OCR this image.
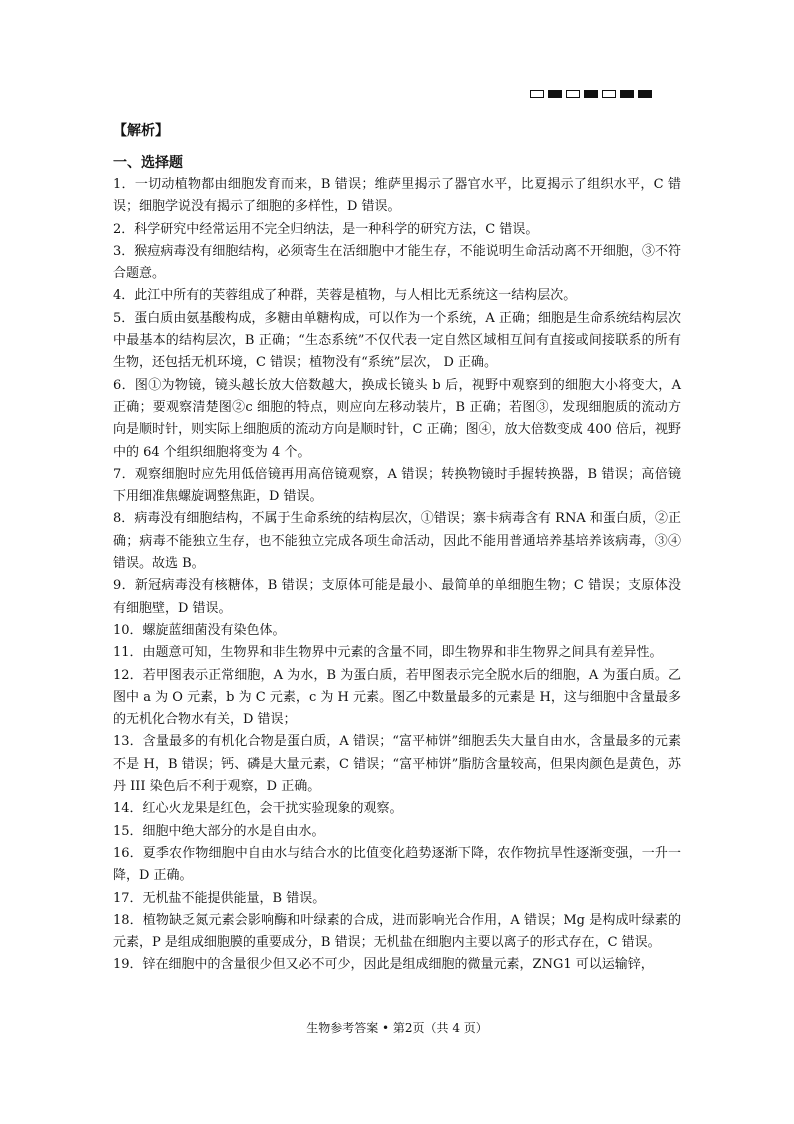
【解析】
一、选择题
1．一切动植物都由细胞发育而来，B 错误；维萨里揭示了器官水平，比夏揭示了组织水平，C 错误；细胞学说没有揭示了细胞的多样性，D 错误。
2．科学研究中经常运用不完全归纳法，是一种科学的研究方法，C 错误。
3．猴痘病毒没有细胞结构，必须寄生在活细胞中才能生存，不能说明生命活动离不开细胞，③不符合题意。
4．此江中所有的芙蓉组成了种群，芙蓉是植物，与人相比无系统这一结构层次。
5．蛋白质由氨基酸构成，多糖由单糖构成，可以作为一个系统，A 正确；细胞是生命系统结构层次中最基本的结构层次，B 正确；“生态系统”不仅代表一定自然区域相互间有直接或间接联系的所有生物，还包括无机环境，C 错误；植物没有“系统”层次， D 正确。
6．图①为物镜，镜头越长放大倍数越大，换成长镜头 b 后，视野中观察到的细胞大小将变大，A 正确；要观察清楚图②c 细胞的特点，则应向左移动装片，B 正确；若图③，发现细胞质的流动方向是顺时针，则实际上细胞质的流动方向是顺时针，C 正确；图④，放大倍数变成 400 倍后，视野中的 64 个组织细胞将变为 4 个。
7．观察细胞时应先用低倍镜再用高倍镜观察，A 错误；转换物镜时手握转换器，B 错误；高倍镜下用细准焦螺旋调整焦距，D 错误。
8．病毒没有细胞结构，不属于生命系统的结构层次，①错误；寨卡病毒含有 RNA 和蛋白质，②正确；病毒不能独立生存，也不能独立完成各项生命活动，因此不能用普通培养基培养该病毒，③④错误。故选 B。
9．新冠病毒没有核糖体，B 错误；支原体可能是最小、最简单的单细胞生物；C 错误；支原体没有细胞壁，D 错误。
10．螺旋蓝细菌没有染色体。
11．由题意可知，生物界和非生物界中元素的含量不同，即生物界和非生物界之间具有差异性。
12．若甲图表示正常细胞，A 为水，B 为蛋白质，若甲图表示完全脱水后的细胞，A 为蛋白质。乙图中 a 为 O 元素，b 为 C 元素，c 为 H 元素。图乙中数量最多的元素是 H，这与细胞中含量最多的无机化合物水有关，D 错误；
13．含量最多的有机化合物是蛋白质，A 错误；“富平柿饼”细胞丢失大量自由水，含量最多的元素不是 H，B 错误；钙、磷是大量元素，C 错误；“富平柿饼”脂肪含量较高，但果肉颜色是黄色，苏丹 III 染色后不利于观察，D 正确。
14．红心火龙果是红色，会干扰实验现象的观察。
15．细胞中绝大部分的水是自由水。
16．夏季农作物细胞中自由水与结合水的比值变化趋势逐渐下降，农作物抗旱性逐渐变强，一升一降，D 正确。
17．无机盐不能提供能量，B 错误。
18．植物缺乏氮元素会影响酶和叶绿素的合成，进而影响光合作用，A 错误；Mg 是构成叶绿素的元素，P 是组成细胞膜的重要成分，B 错误；无机盐在细胞内主要以离子的形式存在，C 错误。
19．锌在细胞中的含量很少但又必不可少，因此是组成细胞的微量元素，ZNG1 可以运输锌，
生物参考答案 • 第2页（共 4 页）
